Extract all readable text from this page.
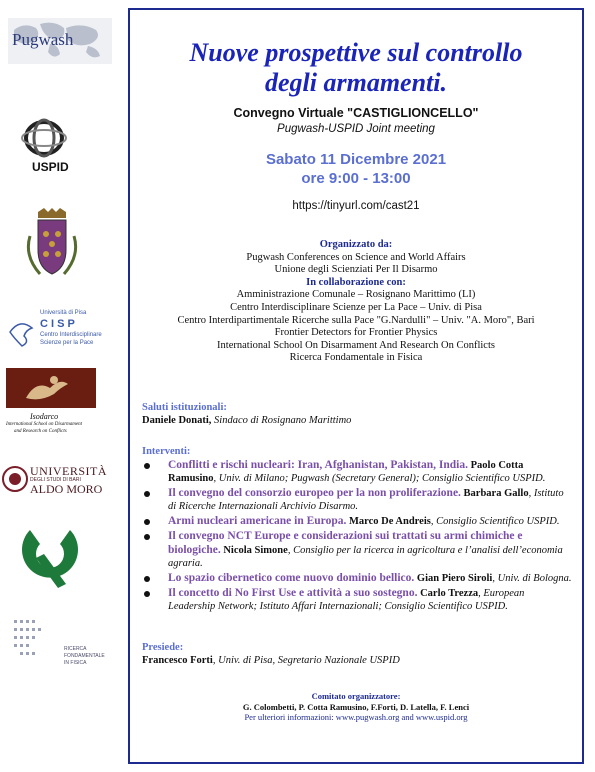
Pugwash
USPID
Università di Pisa
C I S P
Centro Interdisciplinare
Scienze per la Pace
Isodarco
International School on Disarmament
and Research on Conflicts
UNIVERSITÀ
DEGLI STUDI DI BARI
ALDO MORO
RICERCA
FONDAMENTALE
IN FISICA
Nuove prospettive sul controllo
degli armamenti.
Convegno Virtuale "CASTIGLIONCELLO"
Pugwash-USPID Joint meeting
Sabato 11 Dicembre 2021
ore 9:00 - 13:00
https://tinyurl.com/cast21
Organizzato da:
Pugwash Conferences on Science and World Affairs
Unione degli Scienziati Per Il Disarmo
In collaborazione con:
Amministrazione Comunale – Rosignano Marittimo (LI)
Centro Interdisciplinare Scienze per La Pace – Univ. di Pisa
Centro Interdipartimentale Ricerche sulla Pace "G.Nardulli" – Univ. "A. Moro", Bari
Frontier Detectors for Frontier Physics
International School On Disarmament And Research On Conflicts
Ricerca Fondamentale in Fisica
Saluti istituzionali:
Daniele Donati, Sindaco di Rosignano Marittimo
Interventi:
Conflitti e rischi nucleari: Iran, Afghanistan, Pakistan, India. Paolo Cotta Ramusino, Univ. di Milano; Pugwash (Secretary General); Consiglio Scientifico USPID.
Il convegno del consorzio europeo per la non proliferazione. Barbara Gallo, Istituto di Ricerche Internazionali Archivio Disarmo.
Armi nucleari americane in Europa. Marco De Andreis, Consiglio Scientifico USPID.
Il convegno NCT Europe e considerazioni sui trattati su armi chimiche e biologiche. Nicola Simone, Consiglio per la ricerca in agricoltura e l’analisi dell’economia agraria.
Lo spazio cibernetico come nuovo dominio bellico. Gian Piero Siroli, Univ. di Bologna.
Il concetto di No First Use e attività a suo sostegno. Carlo Trezza, European Leadership Network; Istituto Affari Internazionali; Consiglio Scientifico USPID.
Presiede:
Francesco Forti, Univ. di Pisa, Segretario Nazionale USPID
Comitato organizzatore:
G. Colombetti, P. Cotta Ramusino, F.Forti, D. Latella, F. Lenci
Per ulteriori informazioni: www.pugwash.org and www.uspid.org
